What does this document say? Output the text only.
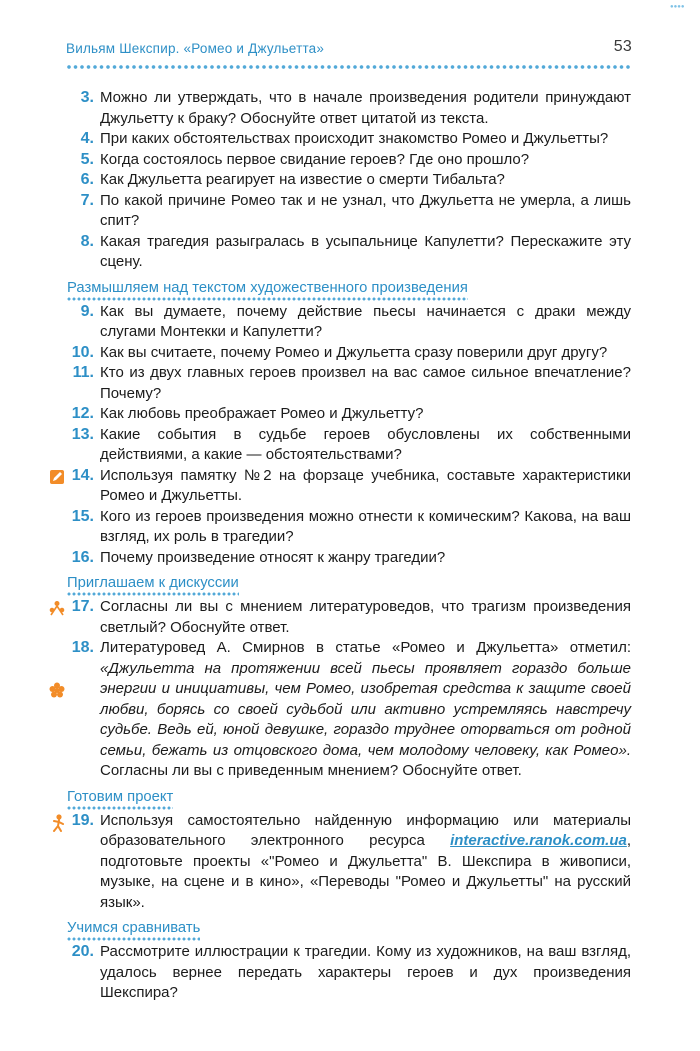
●●●●
Вильям Шекспир. «Ромео и Джульетта»	53
3. Можно ли утверждать, что в начале произведения родители принуждают Джульетту к браку? Обоснуйте ответ цитатой из текста.
4. При каких обстоятельствах происходит знакомство Ромео и Джульетты?
5. Когда состоялось первое свидание героев? Где оно прошло?
6. Как Джульетта реагирует на известие о смерти Тибальта?
7. По какой причине Ромео так и не узнал, что Джульетта не умерла, а лишь спит?
8. Какая трагедия разыгралась в усыпальнице Капулетти? Перескажите эту сцену.
Размышляем над текстом художественного произведения
9. Как вы думаете, почему действие пьесы начинается с драки между слугами Монтекки и Капулетти?
10. Как вы считаете, почему Ромео и Джульетта сразу поверили друг другу?
11. Кто из двух главных героев произвел на вас самое сильное впечатление? Почему?
12. Как любовь преображает Ромео и Джульетту?
13. Какие события в судьбе героев обусловлены их собственными действиями, а какие — обстоятельствами?
14. Используя памятку №2 на форзаце учебника, составьте характеристики Ромео и Джульетты.
15. Кого из героев произведения можно отнести к комическим? Какова, на ваш взгляд, их роль в трагедии?
16. Почему произведение относят к жанру трагедии?
Приглашаем к дискуссии
17. Согласны ли вы с мнением литературоведов, что трагизм произведения светлый? Обоснуйте ответ.
18. Литературовед А. Смирнов в статье «Ромео и Джульетта» отметил: «Джульетта на протяжении всей пьесы проявляет гораздо больше энергии и инициативы, чем Ромео, изобретая средства к защите своей любви, борясь со своей судьбой или активно устремляясь навстречу судьбе. Ведь ей, юной девушке, гораздо труднее оторваться от родной семьи, бежать из отцовского дома, чем молодому человеку, как Ромео». Согласны ли вы с приведенным мнением? Обоснуйте ответ.
Готовим проект
19. Используя самостоятельно найденную информацию или материалы образовательного электронного ресурса interactive.ranok.com.ua, подготовьте проекты «"Ромео и Джульетта" В. Шекспира в живописи, музыке, на сцене и в кино», «Переводы "Ромео и Джульетты" на русский язык».
Учимся сравнивать
20. Рассмотрите иллюстрации к трагедии. Кому из художников, на ваш взгляд, удалось вернее передать характеры героев и дух произведения Шекспира?
